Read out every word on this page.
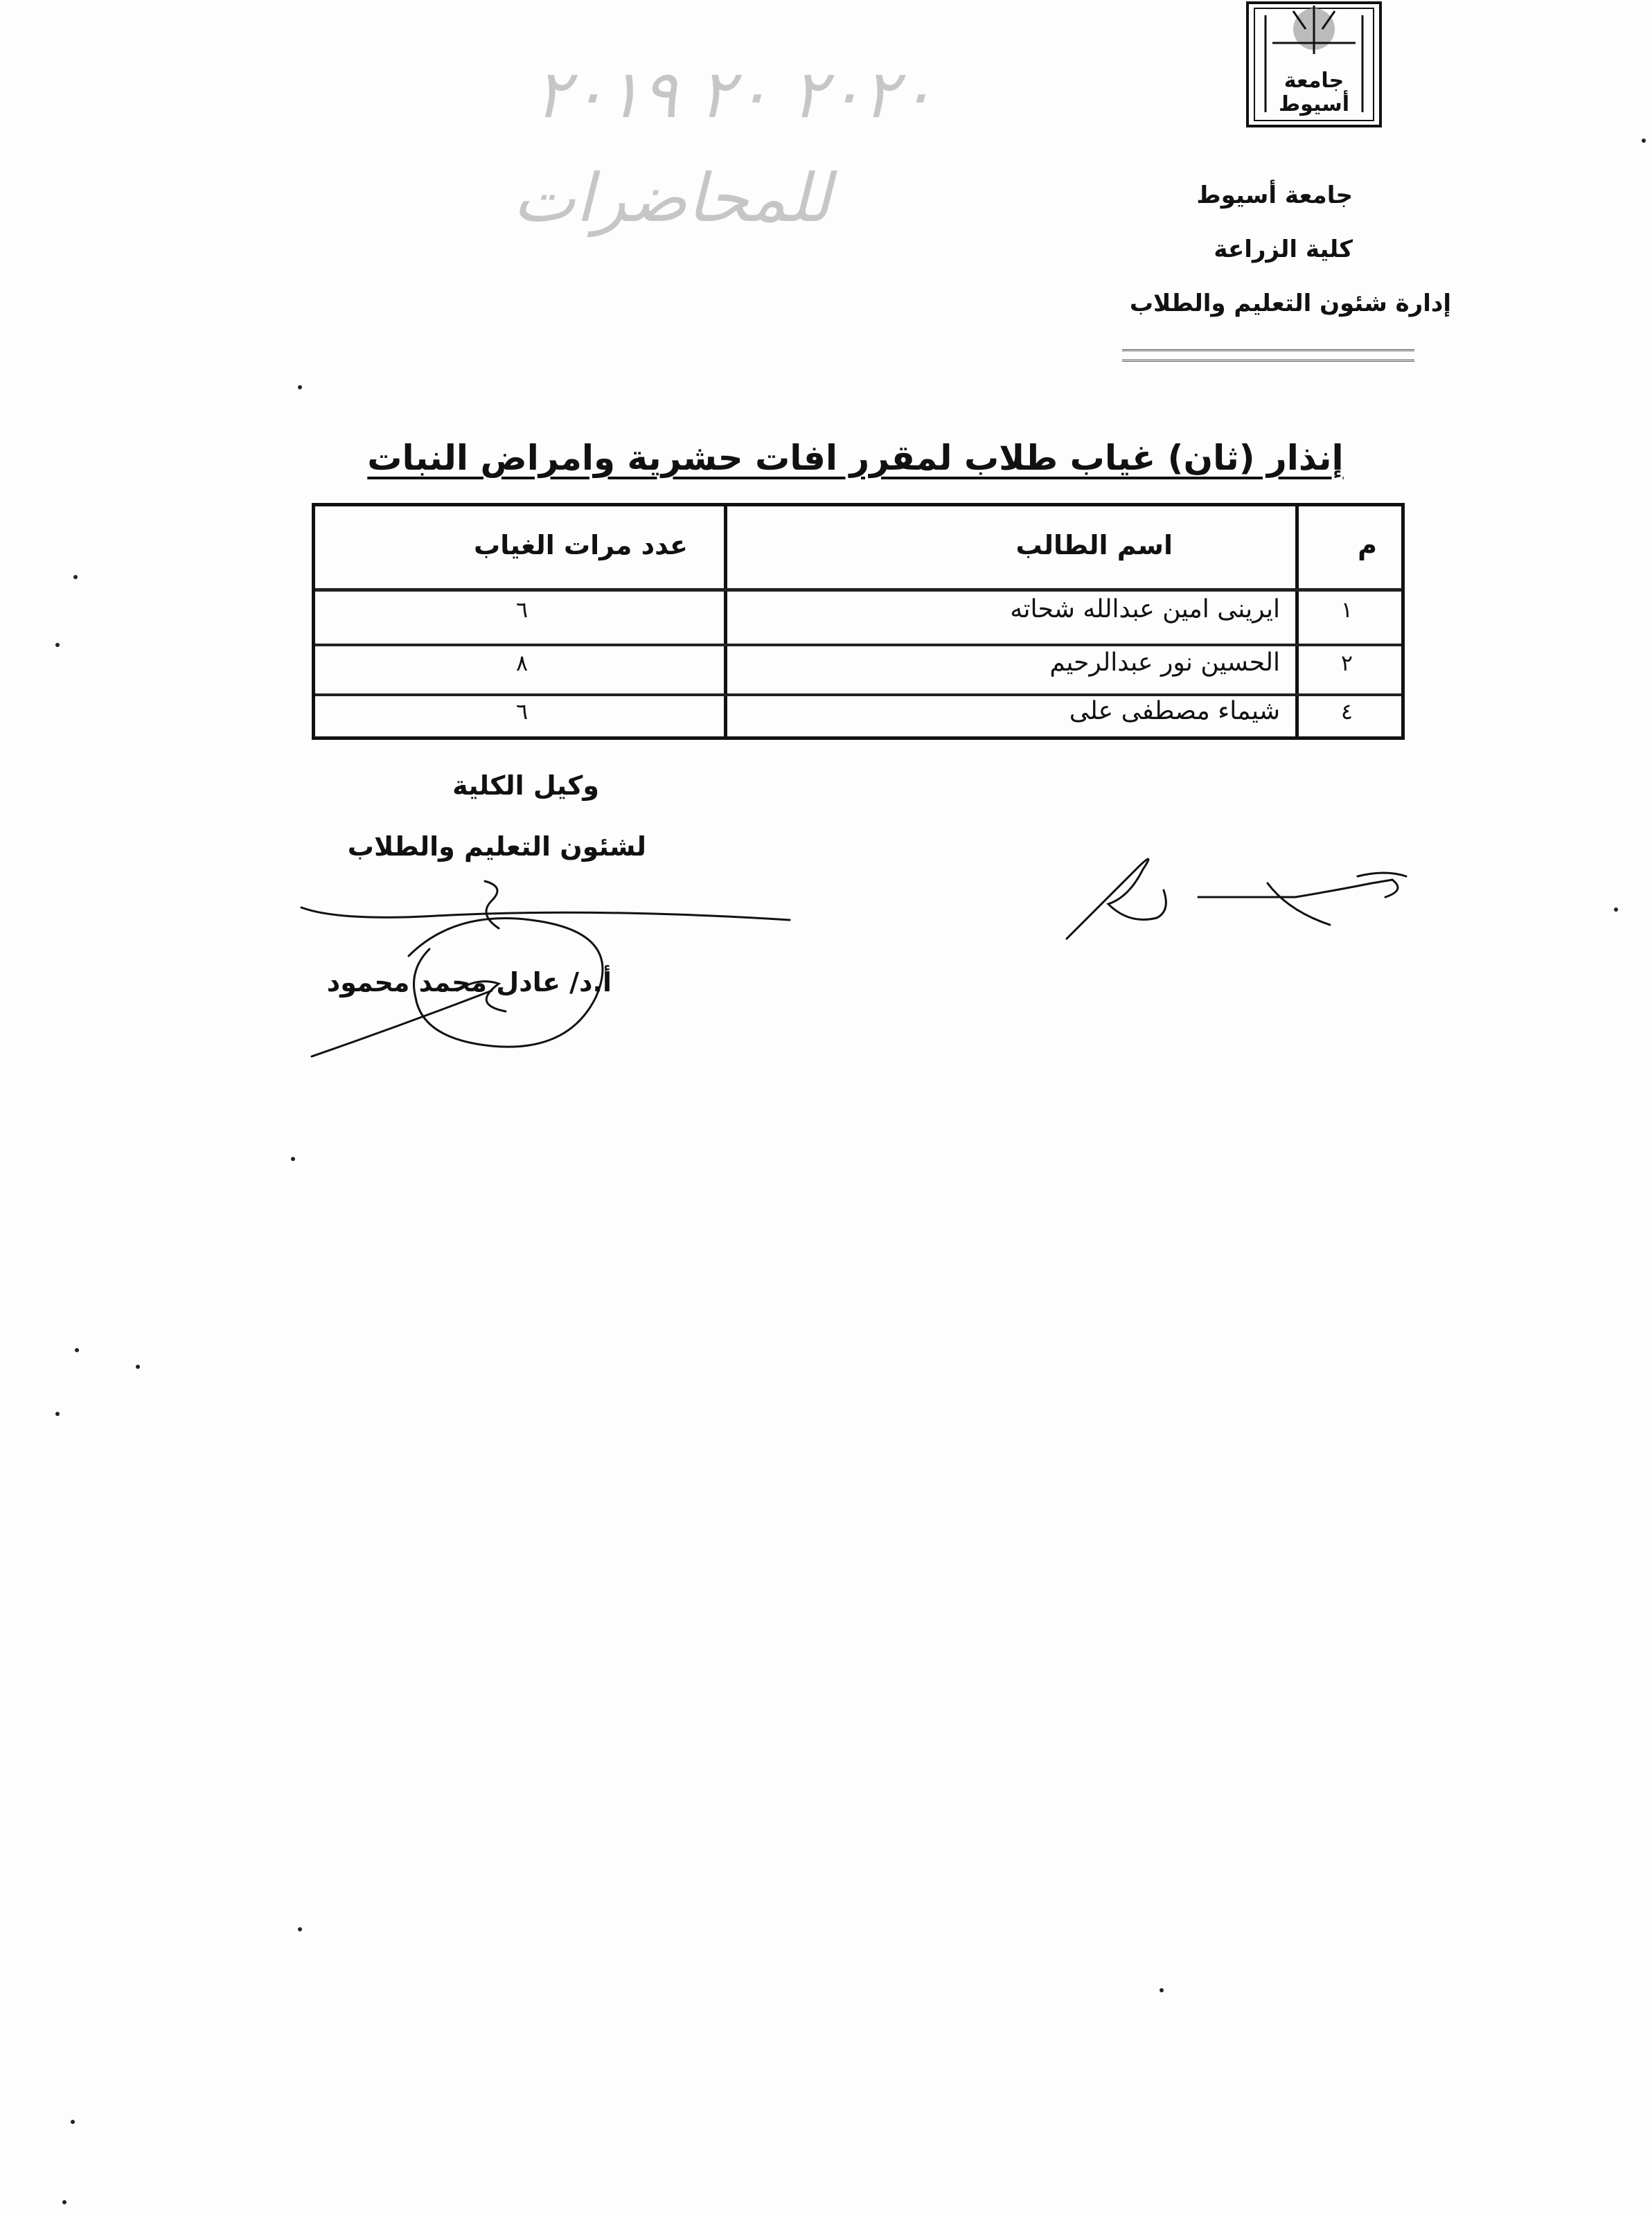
جامعة أسيوط
٢٠٢٠ ٢٠ ٢٠١٩
للمحاضرات	جامعة أسيوط
كلية الزراعة
إدارة شئون التعليم والطلاب
إنذار (ثان) غياب طلاب لمقرر افات حشرية وامراض النبات
م
اسم الطالب
عدد مرات الغياب
١
ايرينى امين عبدالله شحاته
٦
٢
الحسين نور عبدالرحيم
٨
٤
شيماء مصطفى على
٦
وكيل الكلية
لشئون التعليم والطلاب
أ.د/ عادل محمد محمود
